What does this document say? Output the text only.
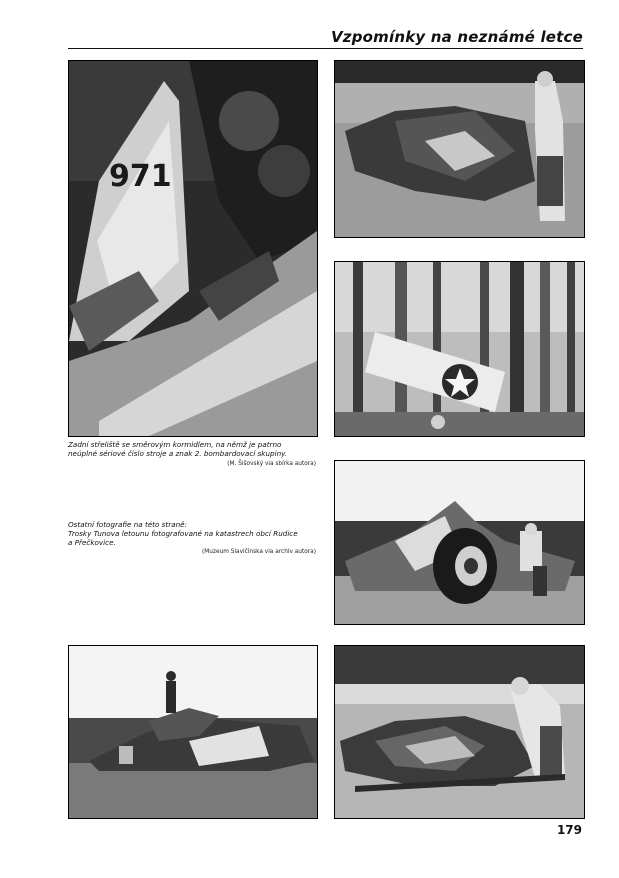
Vzpomínky na neznámé letce
971
Zadní střeliště se směrovým kormidlem, na němž je patrno
neúplné sériové číslo stroje a znak 2. bombardovací skupiny.
(M. Šišovský via sbírka autora)
Ostatní fotografie na této straně:
Trosky Tunova letounu fotografované na katastrech obcí Rudice
a Přečkovice.
(Muzeum Slavičínska via archiv autora)
179
